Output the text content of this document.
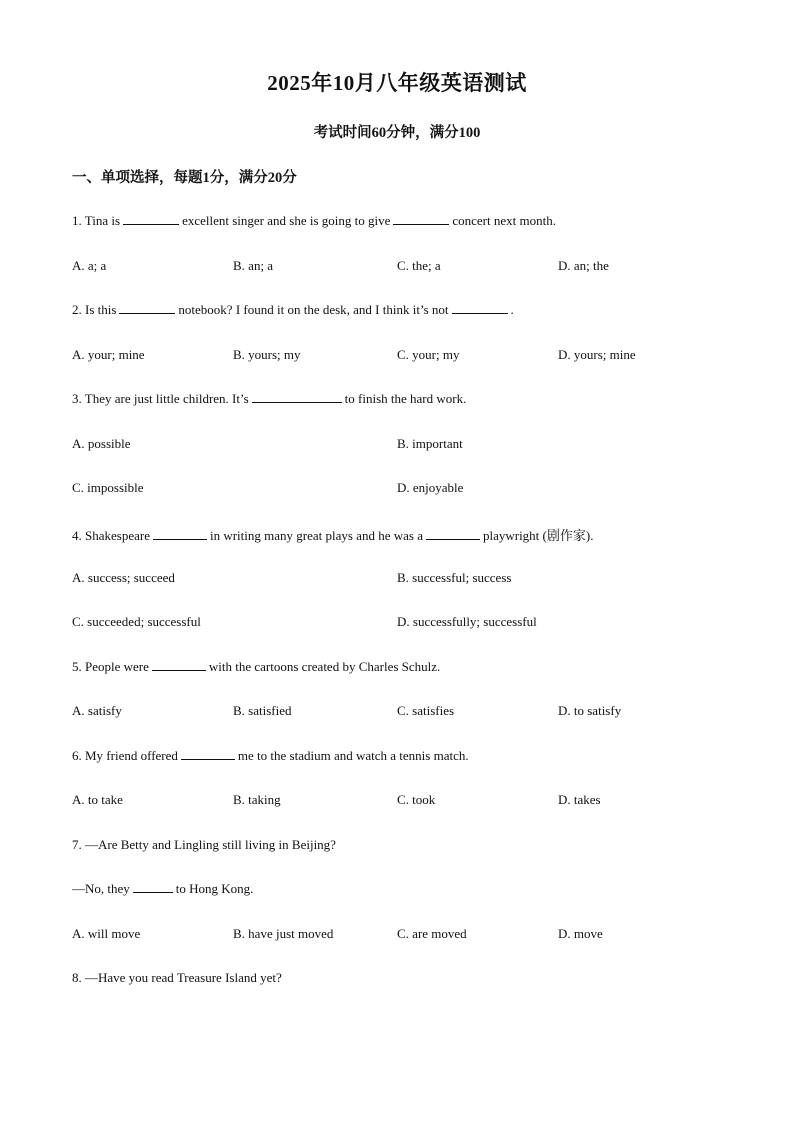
2025年10月八年级英语测试
考试时间60分钟，满分100
一、单项选择，每题1分，满分20分
1. Tina is	excellent singer and she is going to give	concert next month.
A. a; a	B. an; a	C. the; a	D. an; the
2. Is this	notebook? I found it on the desk, and I think it’s not	.
A. your; mine	B. yours; my	C. your; my	D. yours; mine
3. They are just little children. It’s	to finish the hard work.
A. possible	B. important
C. impossible	D. enjoyable
4. Shakespeare	in writing many great plays and he was a	playwright (剧作家).
A. success; succeed	B. successful; success
C. succeeded; successful	D. successfully; successful
5. People were	with the cartoons created by Charles Schulz.
A. satisfy	B. satisfied	C. satisfies	D. to satisfy
6. My friend offered	me to the stadium and watch a tennis match.
A. to take	B. taking	C. took	D. takes
7. —Are Betty and Lingling still living in Beijing?
—No, they	to Hong Kong.
A. will move	B. have just moved	C. are moved	D. move
8. —Have you read Treasure Island yet?
